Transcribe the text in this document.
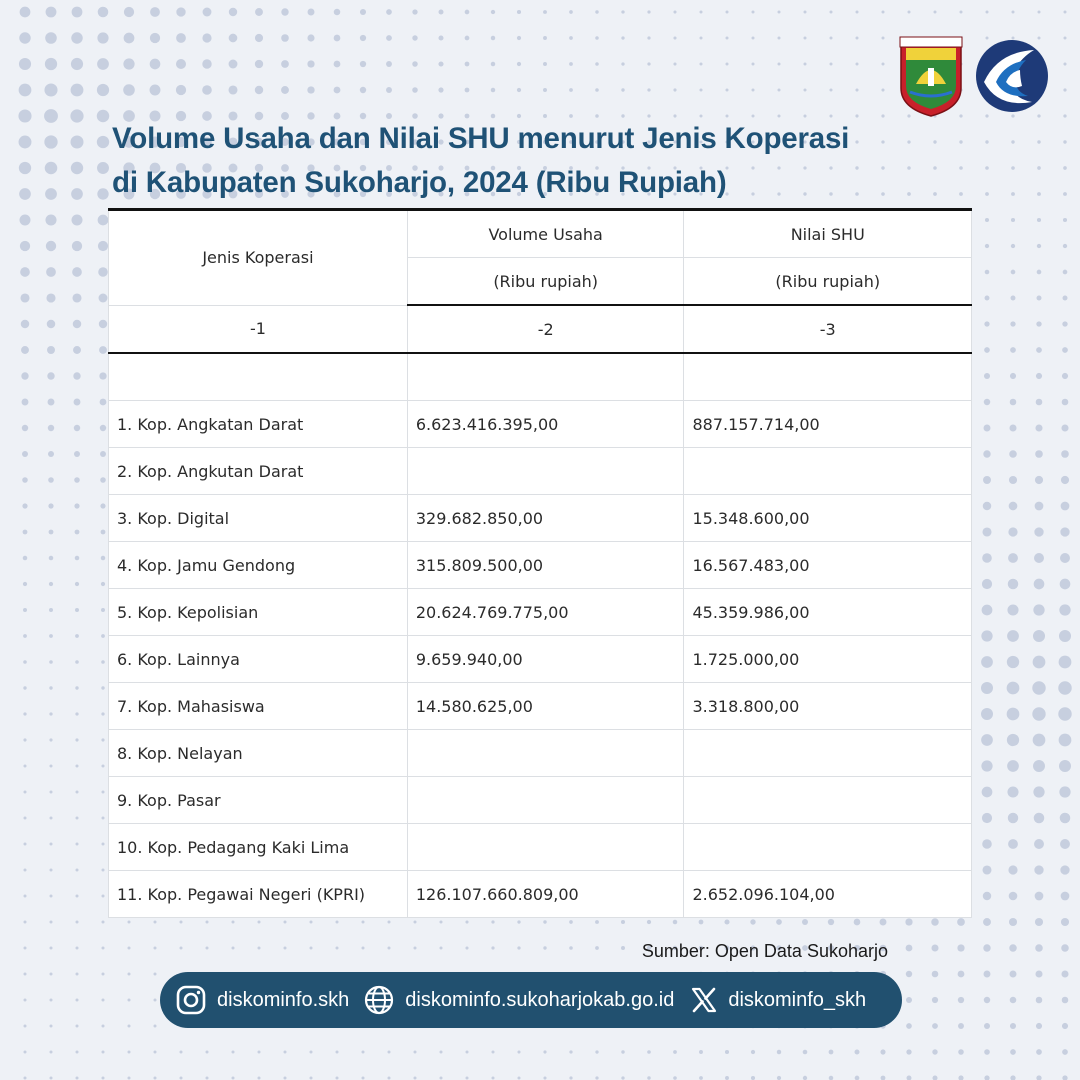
Volume Usaha dan Nilai SHU menurut Jenis Koperasi
di Kabupaten Sukoharjo, 2024 (Ribu Rupiah)
Jenis Koperasi	Volume Usaha	Nilai SHU
	(Ribu rupiah)	(Ribu rupiah)
-1	-2	-3

1. Kop. Angkatan Darat	6.623.416.395,00	887.157.714,00
2. Kop. Angkutan Darat		
3. Kop. Digital	329.682.850,00	15.348.600,00
4. Kop. Jamu Gendong	315.809.500,00	16.567.483,00
5. Kop. Kepolisian	20.624.769.775,00	45.359.986,00
6. Kop. Lainnya	9.659.940,00	1.725.000,00
7. Kop. Mahasiswa	14.580.625,00	3.318.800,00
8. Kop. Nelayan		
9. Kop. Pasar		
10. Kop. Pedagang Kaki Lima		
11. Kop. Pegawai Negeri (KPRI)	126.107.660.809,00	2.652.096.104,00
Sumber: Open Data Sukoharjo
diskominfo.skh	diskominfo.sukoharjokab.go.id	diskominfo_skh
